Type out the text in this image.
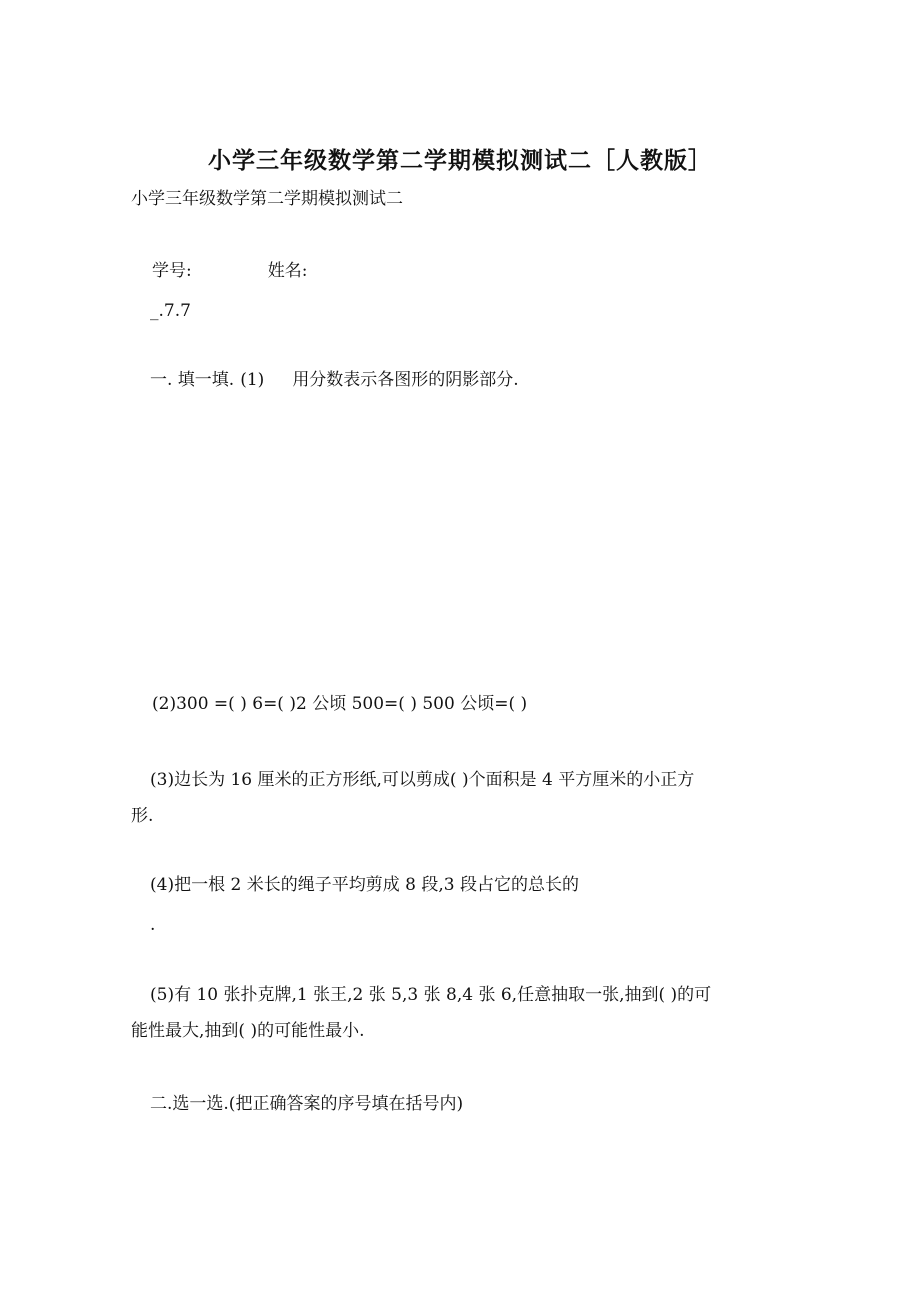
小学三年级数学第二学期模拟测试二［人教版］
小学三年级数学第二学期模拟测试二
学号:	姓名:
_.7.7
一. 填一填. (1) 用分数表示各图形的阴影部分.
(2)300 =( ) 6=( )2 公顷 500=( ) 500 公顷=( )
(3)边长为 16 厘米的正方形纸,可以剪成( )个面积是 4 平方厘米的小正方
形.
(4)把一根 2 米长的绳子平均剪成 8 段,3 段占它的总长的
.
(5)有 10 张扑克牌,1 张王,2 张 5,3 张 8,4 张 6,任意抽取一张,抽到( )的可
能性最大,抽到( )的可能性最小.
二.选一选.(把正确答案的序号填在括号内)
